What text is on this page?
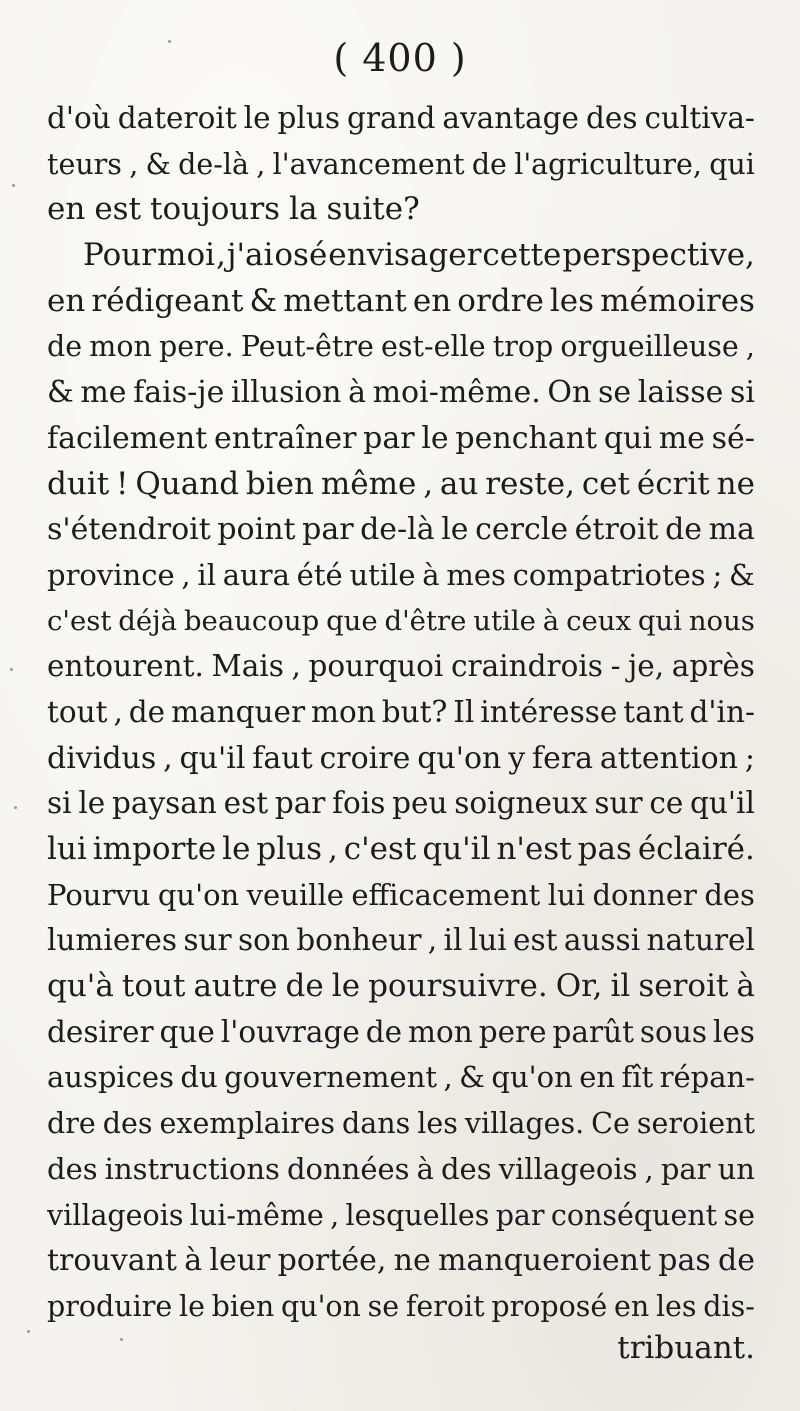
( 400 )
d'où dateroit le plus grand avantage des cultiva-
teurs , & de-là , l'avancement de l'agriculture, qui
en est toujours la suite?
Pour moi , j'ai osé envisager cette perspective,
en rédigeant & mettant en ordre les mémoires
de mon pere. Peut-être est-elle trop orgueilleuse ,
& me fais-je illusion à moi-même. On se laisse si
facilement entraîner par le penchant qui me sé-
duit ! Quand bien même , au reste, cet écrit ne
s'étendroit point par de-là le cercle étroit de ma
province , il aura été utile à mes compatriotes ; &
c'est déjà beaucoup que d'être utile à ceux qui nous
entourent. Mais , pourquoi craindrois - je, après
tout , de manquer mon but? Il intéresse tant d'in-
dividus , qu'il faut croire qu'on y fera attention ;
si le paysan est par fois peu soigneux sur ce qu'il
lui importe le plus , c'est qu'il n'est pas éclairé.
Pourvu qu'on veuille efficacement lui donner des
lumieres sur son bonheur , il lui est aussi naturel
qu'à tout autre de le poursuivre. Or, il seroit à
desirer que l'ouvrage de mon pere parût sous les
auspices du gouvernement , & qu'on en fît répan-
dre des exemplaires dans les villages. Ce seroient
des instructions données à des villageois , par un
villageois lui-même , lesquelles par conséquent se
trouvant à leur portée, ne manqueroient pas de
produire le bien qu'on se feroit proposé en les dis-
tribuant.
